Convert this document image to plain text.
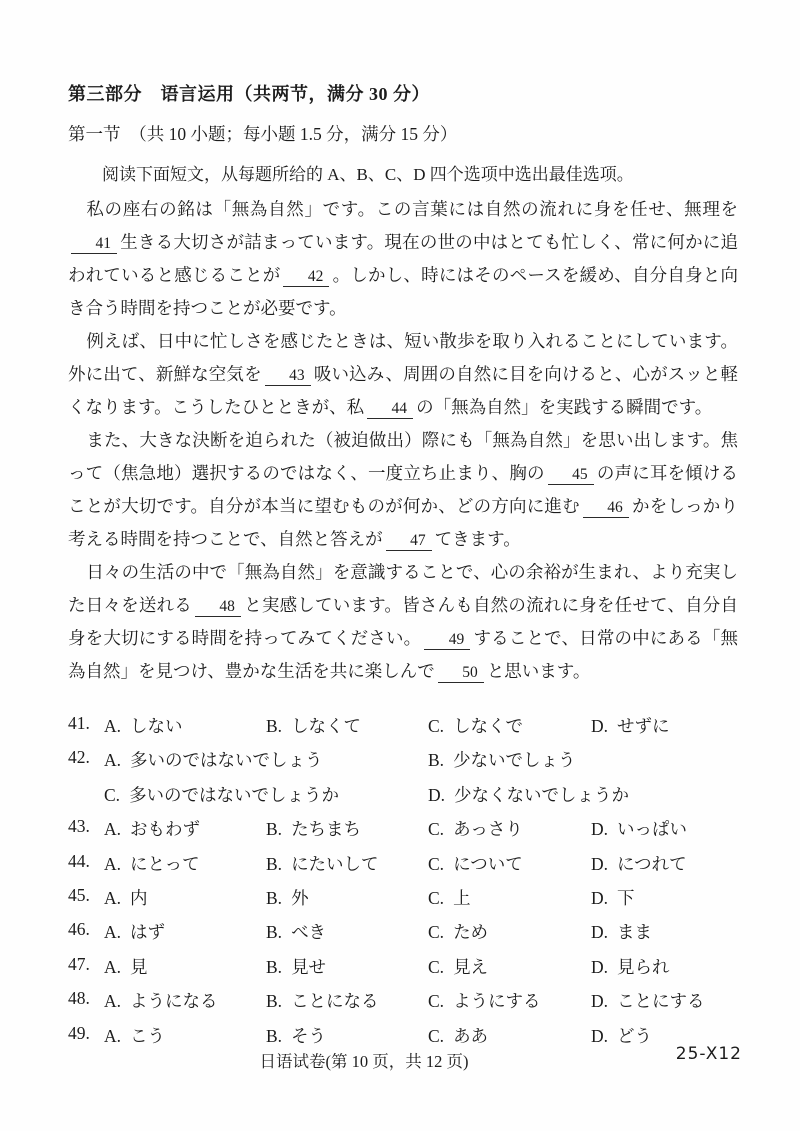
第三部分　语言运用（共两节，满分 30 分）
第一节　（共 10 小题；每小题 1.5 分，满分 15 分）
阅读下面短文，从每题所给的 A、B、C、D 四个选项中选出最佳选项。

私の座右の銘は「無為自然」です。この言葉には自然の流れに身を任せ、無理を41 生きる大切さが詰まっています。現在の世の中はとても忙しく、常に何かに追われていると感じることが 42 。しかし、時にはそのペースを緩め、自分自身と向き合う時間を持つことが必要です。

例えば、日中に忙しさを感じたときは、短い散歩を取り入れることにしています。外に出て、新鮮な空気を 43 吸い込み、周囲の自然に目を向けると、心がスッと軽くなります。こうしたひとときが、私 44 の「無為自然」を実践する瞬間です。

また、大きな決断を迫られた（被迫做出）際にも「無為自然」を思い出します。焦って（焦急地）選択するのではなく、一度立ち止まり、胸の 45 の声に耳を傾けることが大切です。自分が本当に望むものが何か、どの方向に進む 46 かをしっかり考える時間を持つことで、自然と答えが 47 てきます。

日々の生活の中で「無為自然」を意識することで、心の余裕が生まれ、より充実した日々を送れる 48 と実感しています。皆さんも自然の流れに身を任せて、自分自身を大切にする時間を持ってみてください。 49 することで、日常の中にある「無為自然」を見つけ、豊かな生活を共に楽しんで 50 と思います。

41. A. しない	B. しなくて	C. しなくで	D. せずに
42. A. 多いのではないでしょう	B. 少ないでしょう
C. 多いのではないでしょうか	D. 少なくないでしょうか
43. A. おもわず	B. たちまち	C. あっさり	D. いっぱい
44. A. にとって	B. にたいして	C. について	D. につれて
45. A. 内	B. 外	C. 上	D. 下
46. A. はず	B. べき	C. ため	D. まま
47. A. 見	B. 見せ	C. 見え	D. 見られ
48. A. ようになる	B. ことになる	C. ようにする	D. ことにする
49. A. こう	B. そう	C. ああ	D. どう
日语试卷(第 10 页，共 12 页)	25-X12
